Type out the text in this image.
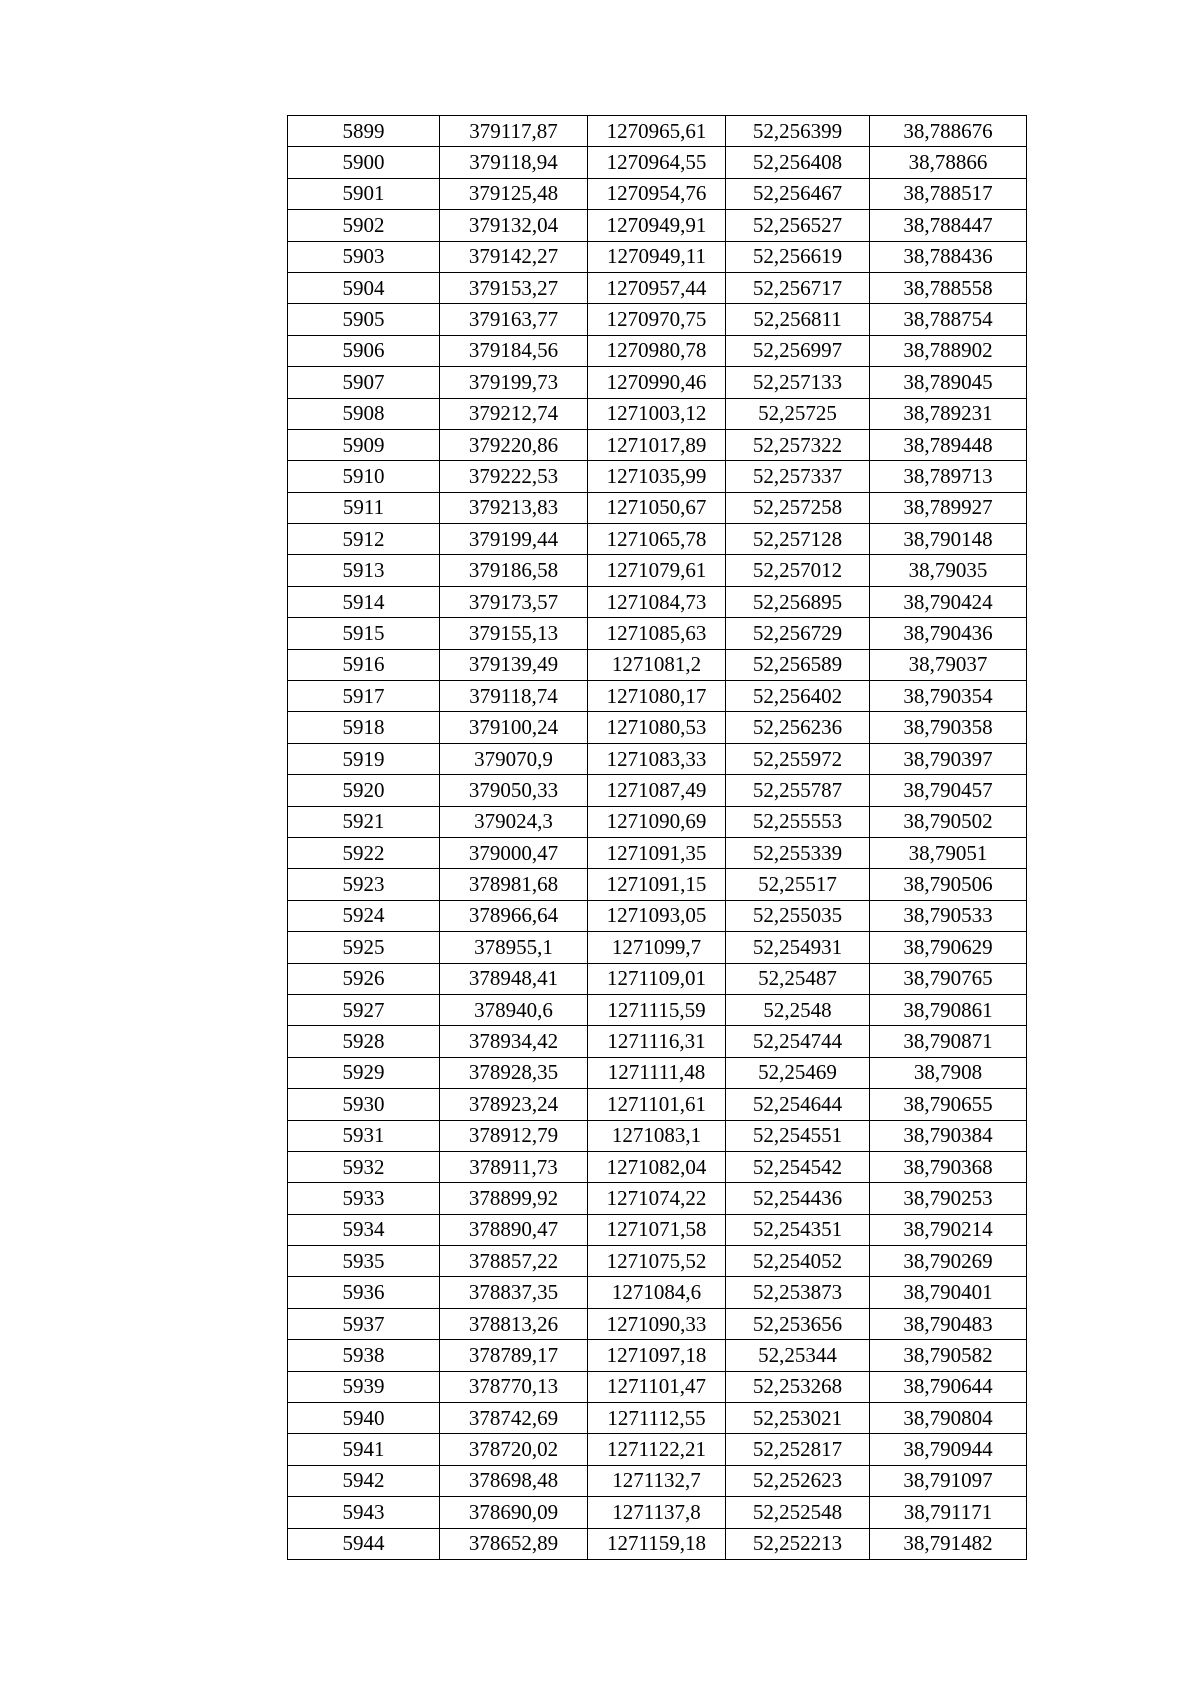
5899	379117,87	1270965,61	52,256399	38,788676
5900	379118,94	1270964,55	52,256408	38,78866
5901	379125,48	1270954,76	52,256467	38,788517
5902	379132,04	1270949,91	52,256527	38,788447
5903	379142,27	1270949,11	52,256619	38,788436
5904	379153,27	1270957,44	52,256717	38,788558
5905	379163,77	1270970,75	52,256811	38,788754
5906	379184,56	1270980,78	52,256997	38,788902
5907	379199,73	1270990,46	52,257133	38,789045
5908	379212,74	1271003,12	52,25725	38,789231
5909	379220,86	1271017,89	52,257322	38,789448
5910	379222,53	1271035,99	52,257337	38,789713
5911	379213,83	1271050,67	52,257258	38,789927
5912	379199,44	1271065,78	52,257128	38,790148
5913	379186,58	1271079,61	52,257012	38,79035
5914	379173,57	1271084,73	52,256895	38,790424
5915	379155,13	1271085,63	52,256729	38,790436
5916	379139,49	1271081,2	52,256589	38,79037
5917	379118,74	1271080,17	52,256402	38,790354
5918	379100,24	1271080,53	52,256236	38,790358
5919	379070,9	1271083,33	52,255972	38,790397
5920	379050,33	1271087,49	52,255787	38,790457
5921	379024,3	1271090,69	52,255553	38,790502
5922	379000,47	1271091,35	52,255339	38,79051
5923	378981,68	1271091,15	52,25517	38,790506
5924	378966,64	1271093,05	52,255035	38,790533
5925	378955,1	1271099,7	52,254931	38,790629
5926	378948,41	1271109,01	52,25487	38,790765
5927	378940,6	1271115,59	52,2548	38,790861
5928	378934,42	1271116,31	52,254744	38,790871
5929	378928,35	1271111,48	52,25469	38,7908
5930	378923,24	1271101,61	52,254644	38,790655
5931	378912,79	1271083,1	52,254551	38,790384
5932	378911,73	1271082,04	52,254542	38,790368
5933	378899,92	1271074,22	52,254436	38,790253
5934	378890,47	1271071,58	52,254351	38,790214
5935	378857,22	1271075,52	52,254052	38,790269
5936	378837,35	1271084,6	52,253873	38,790401
5937	378813,26	1271090,33	52,253656	38,790483
5938	378789,17	1271097,18	52,25344	38,790582
5939	378770,13	1271101,47	52,253268	38,790644
5940	378742,69	1271112,55	52,253021	38,790804
5941	378720,02	1271122,21	52,252817	38,790944
5942	378698,48	1271132,7	52,252623	38,791097
5943	378690,09	1271137,8	52,252548	38,791171
5944	378652,89	1271159,18	52,252213	38,791482
